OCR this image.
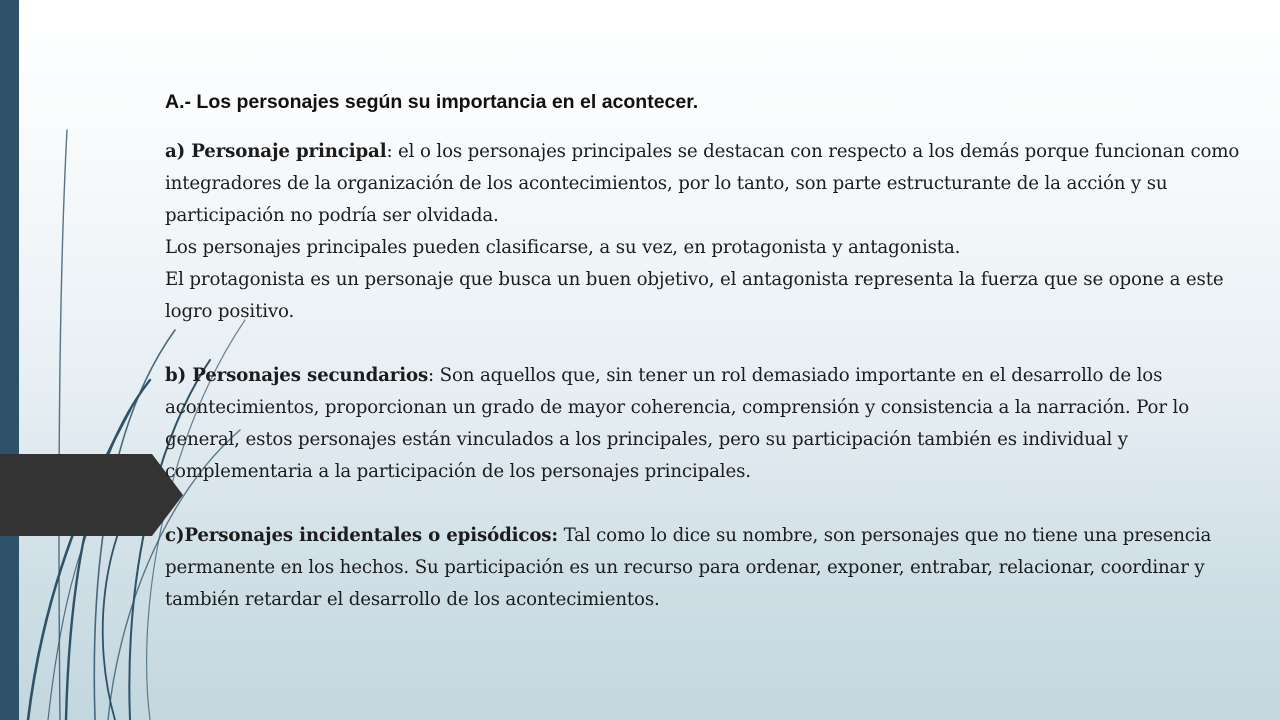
A.- Los personajes según su importancia en el acontecer.

a) Personaje principal: el o los personajes principales se destacan con respecto a los demás porque funcionan como integradores de la organización de los acontecimientos, por lo tanto, son parte estructurante de la acción y su participación no podría ser olvidada.

Los personajes principales pueden clasificarse, a su vez, en protagonista y antagonista.

El protagonista es un personaje que busca un buen objetivo, el antagonista representa la fuerza que se opone a este logro positivo.

b) Personajes secundarios: Son aquellos que, sin tener un rol demasiado importante en el desarrollo de los acontecimientos, proporcionan un grado de mayor coherencia, comprensión y consistencia a la narración. Por lo general, estos personajes están vinculados a los principales, pero su participación también es individual y complementaria a la participación de los personajes principales.

c)Personajes incidentales o episódicos: Tal como lo dice su nombre, son personajes que no tiene una presencia permanente en los hechos. Su participación es un recurso para ordenar, exponer, entrabar, relacionar, coordinar y también retardar el desarrollo de los acontecimientos.
